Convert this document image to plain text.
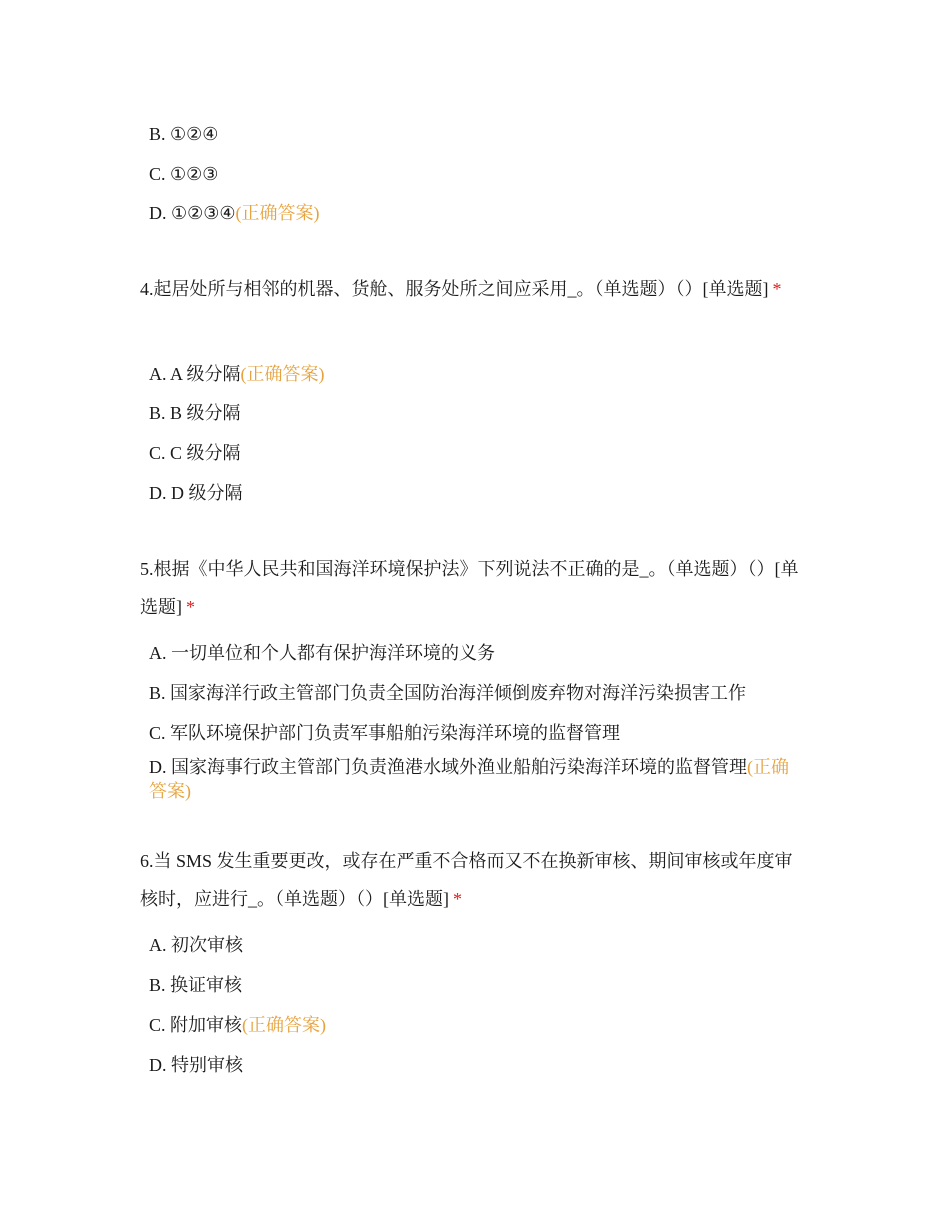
B. ①②④
C. ①②③
D. ①②③④(正确答案)
4.起居处所与相邻的机器、货舱、服务处所之间应采用_。（单选题）（）[单选题] *
A. A 级分隔(正确答案)
B. B 级分隔
C. C 级分隔
D. D 级分隔
5.根据《中华人民共和国海洋环境保护法》下列说法不正确的是_。（单选题）（）[单选题] *
A. 一切单位和个人都有保护海洋环境的义务
B. 国家海洋行政主管部门负责全国防治海洋倾倒废弃物对海洋污染损害工作
C. 军队环境保护部门负责军事船舶污染海洋环境的监督管理
D. 国家海事行政主管部门负责渔港水域外渔业船舶污染海洋环境的监督管理(正确答案)
6.当 SMS 发生重要更改，或存在严重不合格而又不在换新审核、期间审核或年度审核时，应进行_。（单选题）（）[单选题] *
A. 初次审核
B. 换证审核
C. 附加审核(正确答案)
D. 特别审核
